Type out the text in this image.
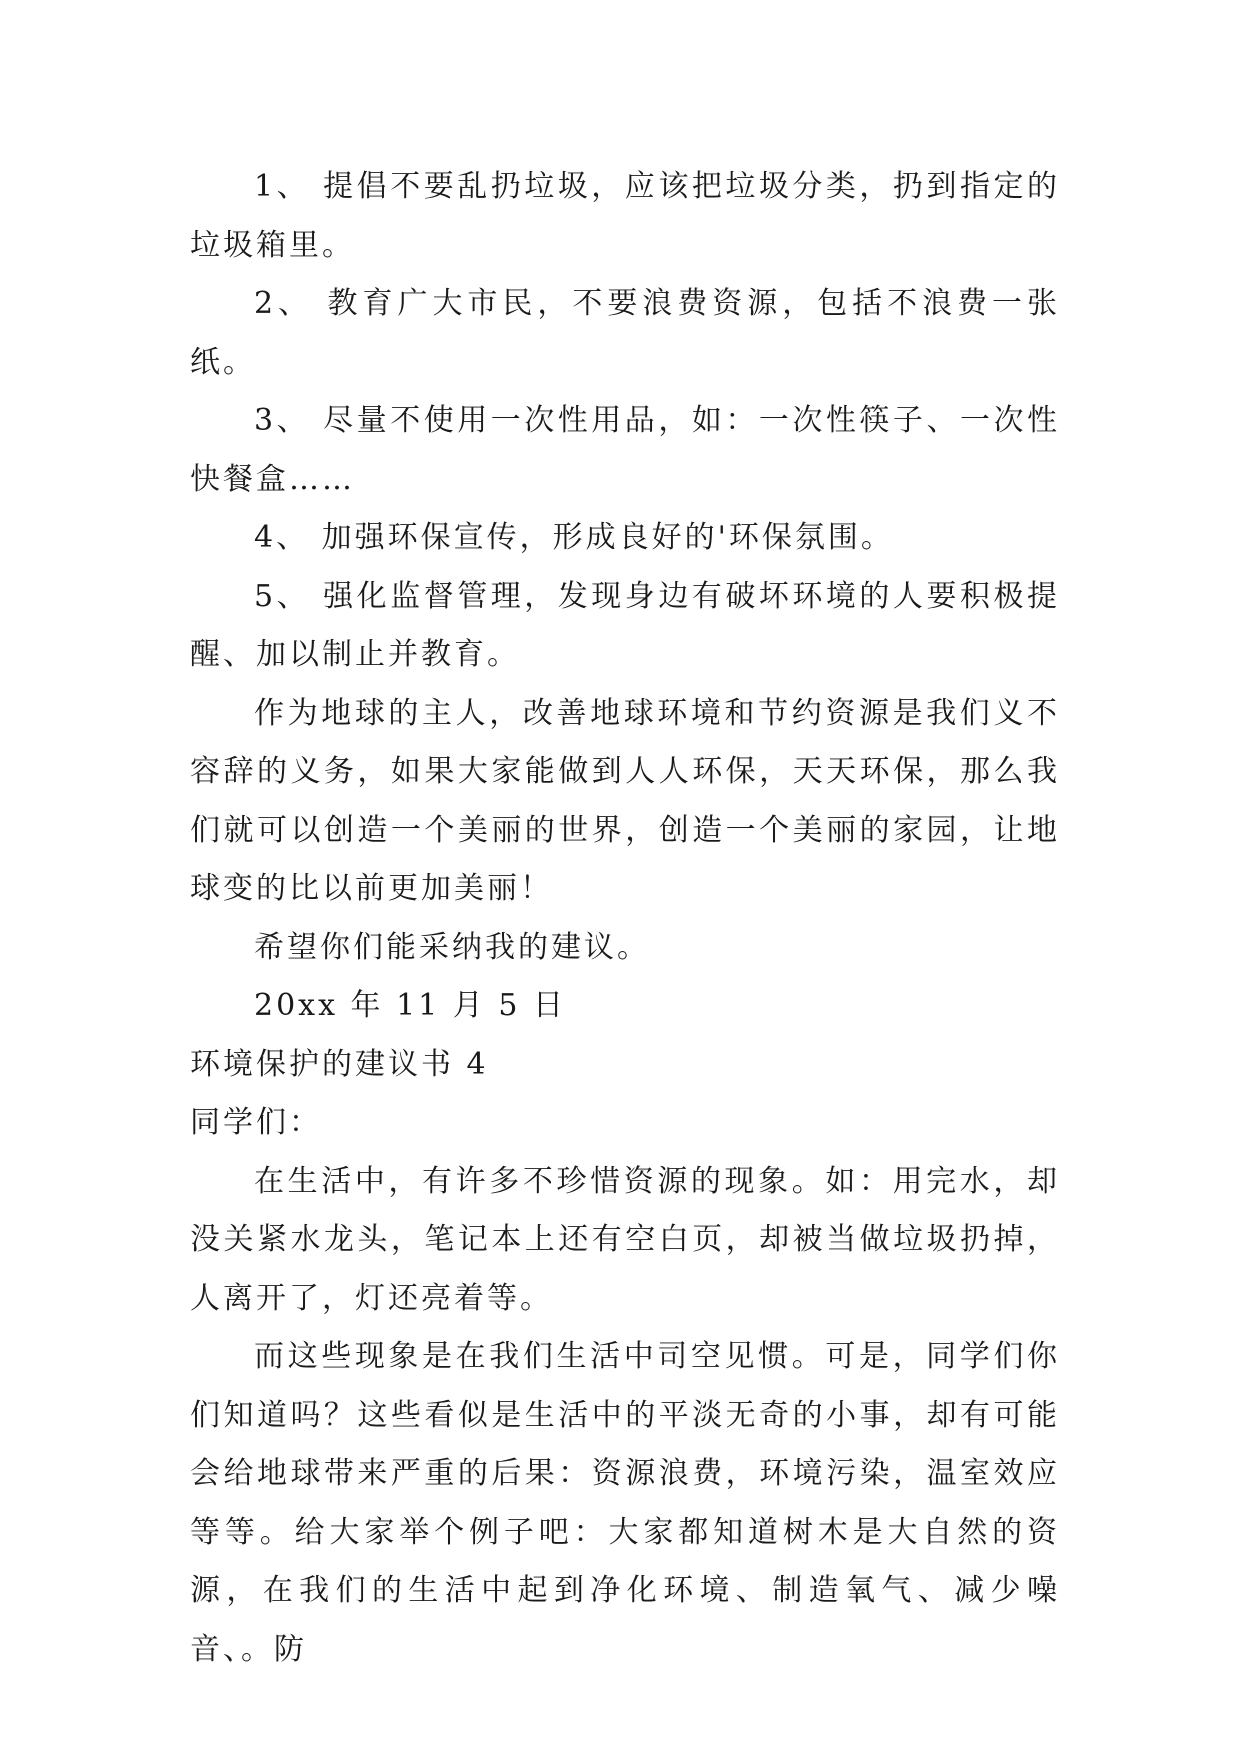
1、 提倡不要乱扔垃圾，应该把垃圾分类，扔到指定的垃圾箱里。

2、 教育广大市民，不要浪费资源，包括不浪费一张纸。

3、 尽量不使用一次性用品，如：一次性筷子、一次性快餐盒……

4、 加强环保宣传，形成良好的'环保氛围。

5、 强化监督管理，发现身边有破坏环境的人要积极提醒、加以制止并教育。

作为地球的主人，改善地球环境和节约资源是我们义不容辞的义务，如果大家能做到人人环保，天天环保，那么我们就可以创造一个美丽的世界，创造一个美丽的家园，让地球变的比以前更加美丽！

希望你们能采纳我的建议。

20xx 年 11 月 5 日

环境保护的建议书 4

同学们：

在生活中，有许多不珍惜资源的现象。如：用完水，却没关紧水龙头，笔记本上还有空白页，却被当做垃圾扔掉，人离开了，灯还亮着等。

而这些现象是在我们生活中司空见惯。可是，同学们你们知道吗？这些看似是生活中的平淡无奇的小事，却有可能会给地球带来严重的后果：资源浪费，环境污染，温室效应等等。给大家举个例子吧：大家都知道树木是大自然的资源，在我们的生活中起到净化环境、制造氧气、减少噪音、。防
